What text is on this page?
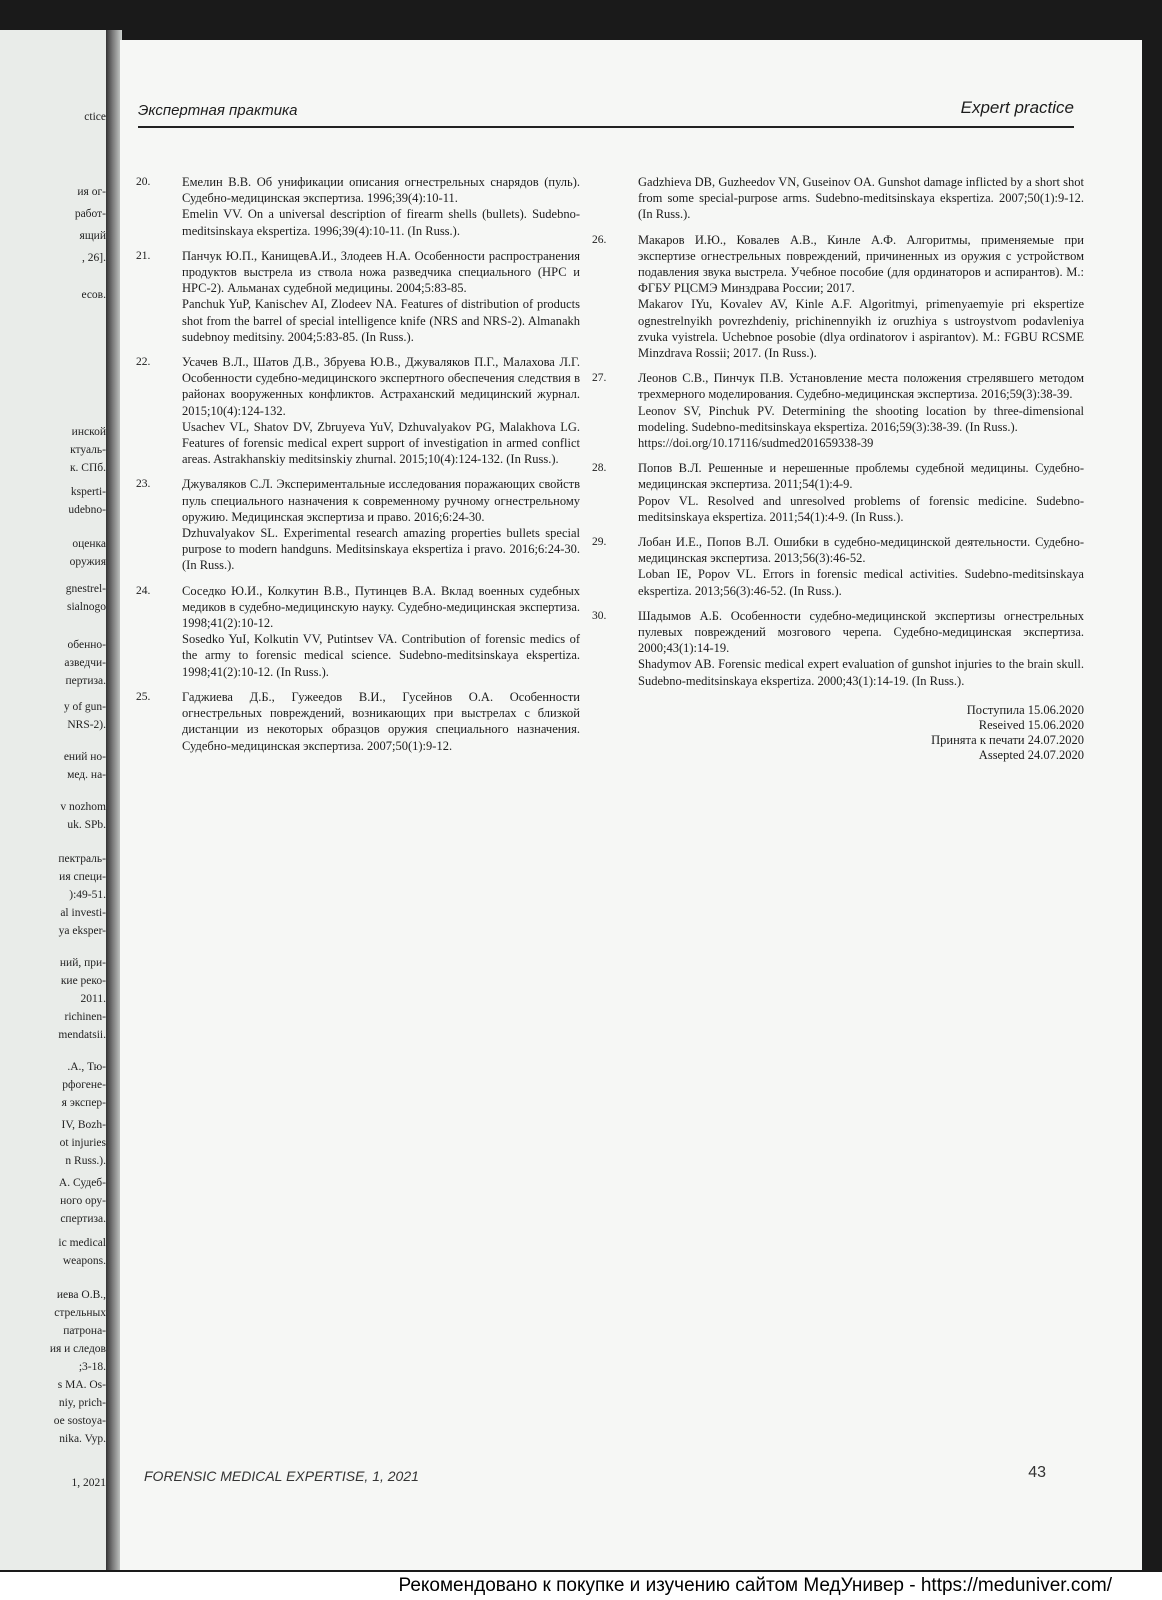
ctice
ия ог-
работ-
ящий
, 26].
есов.
инской
ктуаль-
к. СПб.
ksperti-
udebno-
оценка
оружия
gnestrel-
sialnogo
обенно-
азведчи-
пертиза.
y of gun-
NRS-2).
ений но-
мед. на-
v nozhom
uk. SPb.
пектраль-
ия специ-
):49-51.
al investi-
ya eksper-
ний, при-
кие реко-
2011.
richinen-
mendatsii.
.А., Тю-
рфогене-
я экспер-
IV, Bozh-
ot injuries
n Russ.).
А. Судеб-
ного ору-
спертиза.
ic medical
weapons.
иева О.В.,
стрельных
патрона-
ия и следов
;3-18.
s MA. Os-
niy, prich-
ое sostoya-
nika. Vyp.
1, 2021
Экспертная практика	Expert practice
20.	Емелин В.В. Об унификации описания огнестрельных снарядов (пуль). Судебно-медицинская экспертиза. 1996;39(4):10-11.

Emelin VV. On a universal description of firearm shells (bullets). Sudebno-meditsinskaya ekspertiza. 1996;39(4):10-11. (In Russ.).

21.	Панчук Ю.П., КанищевА.И., Злодеев Н.А. Особенности распространения продуктов выстрела из ствола ножа разведчика специального (НРС и НРС-2). Альманах судебной медицины. 2004;5:83-85.

Panchuk YuP, Kanischev AI, Zlodeev NA. Features of distribution of products shot from the barrel of special intelligence knife (NRS and NRS-2). Almanakh sudebnoy meditsiny. 2004;5:83-85. (In Russ.).

22.	Усачев В.Л., Шатов Д.В., Збруева Ю.В., Джуваляков П.Г., Малахова Л.Г. Особенности судебно-медицинского экспертного обеспечения следствия в районах вооруженных конфликтов. Астраханский медицинский журнал. 2015;10(4):124-132.

Usachev VL, Shatov DV, Zbruyeva YuV, Dzhuvalyakov PG, Malakhova LG. Features of forensic medical expert support of investigation in armed conflict areas. Astrakhanskiy meditsinskiy zhurnal. 2015;10(4):124-132. (In Russ.).

23.	Джуваляков С.Л. Экспериментальные исследования поражающих свойств пуль специального назначения к современному ручному огнестрельному оружию. Медицинская экспертиза и право. 2016;6:24-30.

Dzhuvalyakov SL. Experimental research amazing properties bullets special purpose to modern handguns. Meditsinskaya ekspertiza i pravo. 2016;6:24-30. (In Russ.).

24.	Соседко Ю.И., Колкутин В.В., Путинцев В.А. Вклад военных судебных медиков в судебно-медицинскую науку. Судебно-медицинская экспертиза. 1998;41(2):10-12.

Sosedko YuI, Kolkutin VV, Putintsev VA. Contribution of forensic medics of the army to forensic medical science. Sudebno-meditsinskaya ekspertiza. 1998;41(2):10-12. (In Russ.).

25.	Гаджиева Д.Б., Гужеедов В.И., Гусейнов О.А. Особенности огнестрельных повреждений, возникающих при выстрелах с близкой дистанции из некоторых образцов оружия специального назначения. Судебно-медицинская экспертиза. 2007;50(1):9-12.

Gadzhieva DB, Guzheedov VN, Guseinov OA. Gunshot damage inflicted by a short shot from some special-purpose arms. Sudebno-meditsinskaya ekspertiza. 2007;50(1):9-12. (In Russ.).

26.	Макаров И.Ю., Ковалев А.В., Кинле А.Ф. Алгоритмы, применяемые при экспертизе огнестрельных повреждений, причиненных из оружия с устройством подавления звука выстрела. Учебное пособие (для ординаторов и аспирантов). М.: ФГБУ РЦСМЭ Минздрава России; 2017.

Makarov IYu, Kovalev AV, Kinle A.F. Algoritmyi, primenyaemyie pri ekspertize ognestrelnyikh povrezhdeniy, prichinennyikh iz oruzhiya s ustroystvom podavleniya zvuka vyistrela. Uchebnoe posobie (dlya ordinatorov i aspirantov). M.: FGBU RCSME Minzdrava Rossii; 2017. (In Russ.).

27.	Леонов С.В., Пинчук П.В. Установление места положения стрелявшего методом трехмерного моделирования. Судебно-медицинская экспертиза. 2016;59(3):38-39.

Leonov SV, Pinchuk PV. Determining the shooting location by three-dimensional modeling. Sudebno-meditsinskaya ekspertiza. 2016;59(3):38-39. (In Russ.).

https://doi.org/10.17116/sudmed201659338-39

28.	Попов В.Л. Решенные и нерешенные проблемы судебной медицины. Судебно-медицинская экспертиза. 2011;54(1):4-9.

Popov VL. Resolved and unresolved problems of forensic medicine. Sudebno-meditsinskaya ekspertiza. 2011;54(1):4-9. (In Russ.).

29.	Лобан И.Е., Попов В.Л. Ошибки в судебно-медицинской деятельности. Судебно-медицинская экспертиза. 2013;56(3):46-52.

Loban IE, Popov VL. Errors in forensic medical activities. Sudebno-meditsinskaya ekspertiza. 2013;56(3):46-52. (In Russ.).

30.	Шадымов А.Б. Особенности судебно-медицинской экспертизы огнестрельных пулевых повреждений мозгового черепа. Судебно-медицинская экспертиза. 2000;43(1):14-19.

Shadymov AB. Forensic medical expert evaluation of gunshot injuries to the brain skull. Sudebno-meditsinskaya ekspertiza. 2000;43(1):14-19. (In Russ.).

Поступила 15.06.2020
Reseived 15.06.2020
Принята к печати 24.07.2020
Assepted 24.07.2020
FORENSIC MEDICAL EXPERTISE, 1, 2021	43
Рекомендовано к покупке и изучению сайтом МедУнивер - https://meduniver.com/
